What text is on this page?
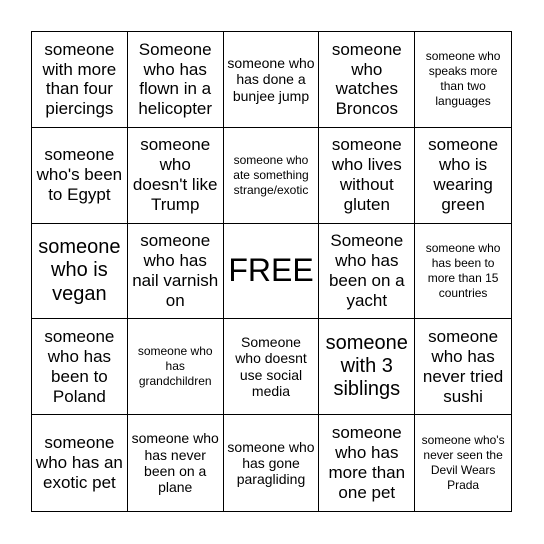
someone with more than four piercings
Someone who has flown in a helicopter
someone who has done a bunjee jump
someone who watches Broncos
someone who speaks more than two languages
someone who's been to Egypt
someone who doesn't like Trump
someone who ate something strange/exotic
someone who lives without gluten
someone who is wearing green
someone who is vegan
someone who has nail varnish on
FREE
Someone who has been on a yacht
someone who has been to more than 15 countries
someone who has been to Poland
someone who has grandchildren
Someone who doesnt use social media
someone with 3 siblings
someone who has never tried sushi
someone who has an exotic pet
someone who has never been on a plane
someone who has gone paragliding
someone who has more than one pet
someone who's never seen the Devil Wears Prada
